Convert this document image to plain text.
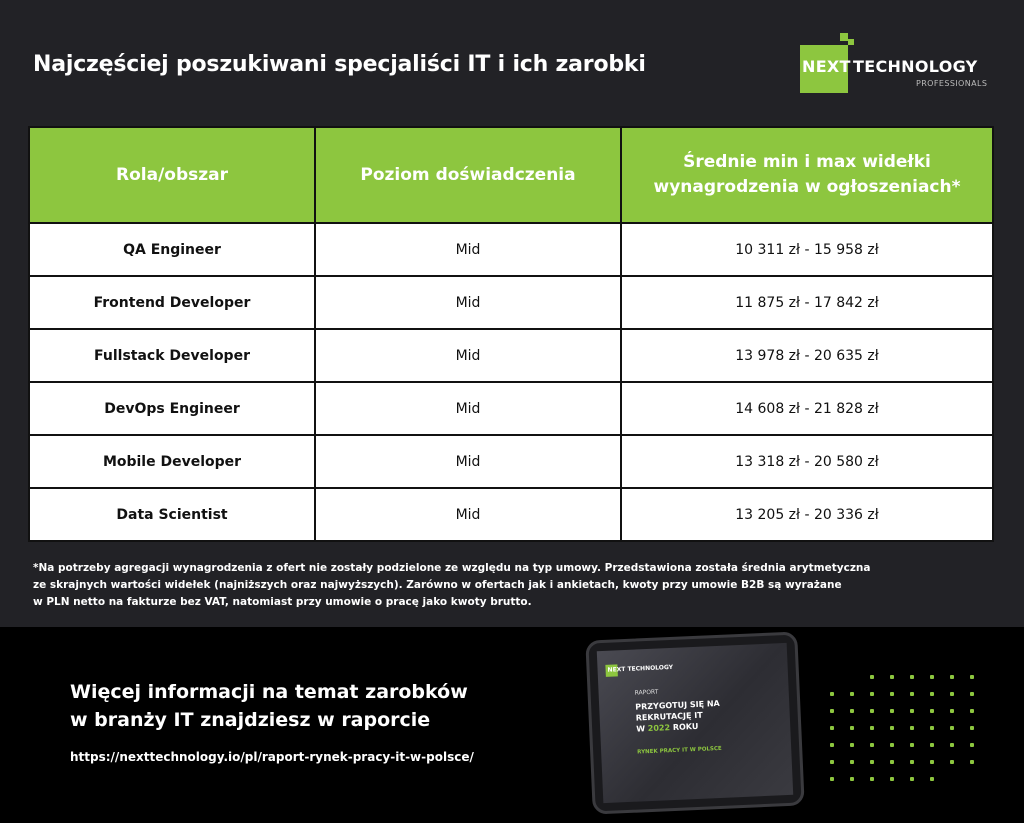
Najczęściej poszukiwani specjaliści IT i ich zarobki	NEXT TECHNOLOGY
PROFESSIONALS
Rola/obszar	Poziom doświadczenia	Średnie min i max widełki wynagrodzenia w ogłoszeniach*
QA Engineer	Mid	10 311 zł - 15 958 zł
Frontend Developer	Mid	11 875 zł - 17 842 zł
Fullstack Developer	Mid	13 978 zł - 20 635 zł
DevOps Engineer	Mid	14 608 zł - 21 828 zł
Mobile Developer	Mid	13 318 zł - 20 580 zł
Data Scientist	Mid	13 205 zł - 20 336 zł
*Na potrzeby agregacji wynagrodzenia z ofert nie zostały podzielone ze względu na typ umowy. Przedstawiona została średnia arytmetyczna
ze skrajnych wartości widełek (najniższych oraz najwyższych). Zarówno w ofertach jak i ankietach, kwoty przy umowie B2B są wyrażane
w PLN netto na fakturze bez VAT, natomiast przy umowie o pracę jako kwoty brutto.
Więcej informacji na temat zarobków
w branży IT znajdziesz w raporcie
https://nexttechnology.io/pl/raport-rynek-pracy-it-w-polsce/
NEXT TECHNOLOGY
RAPORT
PRZYGOTUJ SIĘ NA
REKRUTACJĘ IT
W 2022 ROKU
RYNEK PRACY IT W POLSCE
